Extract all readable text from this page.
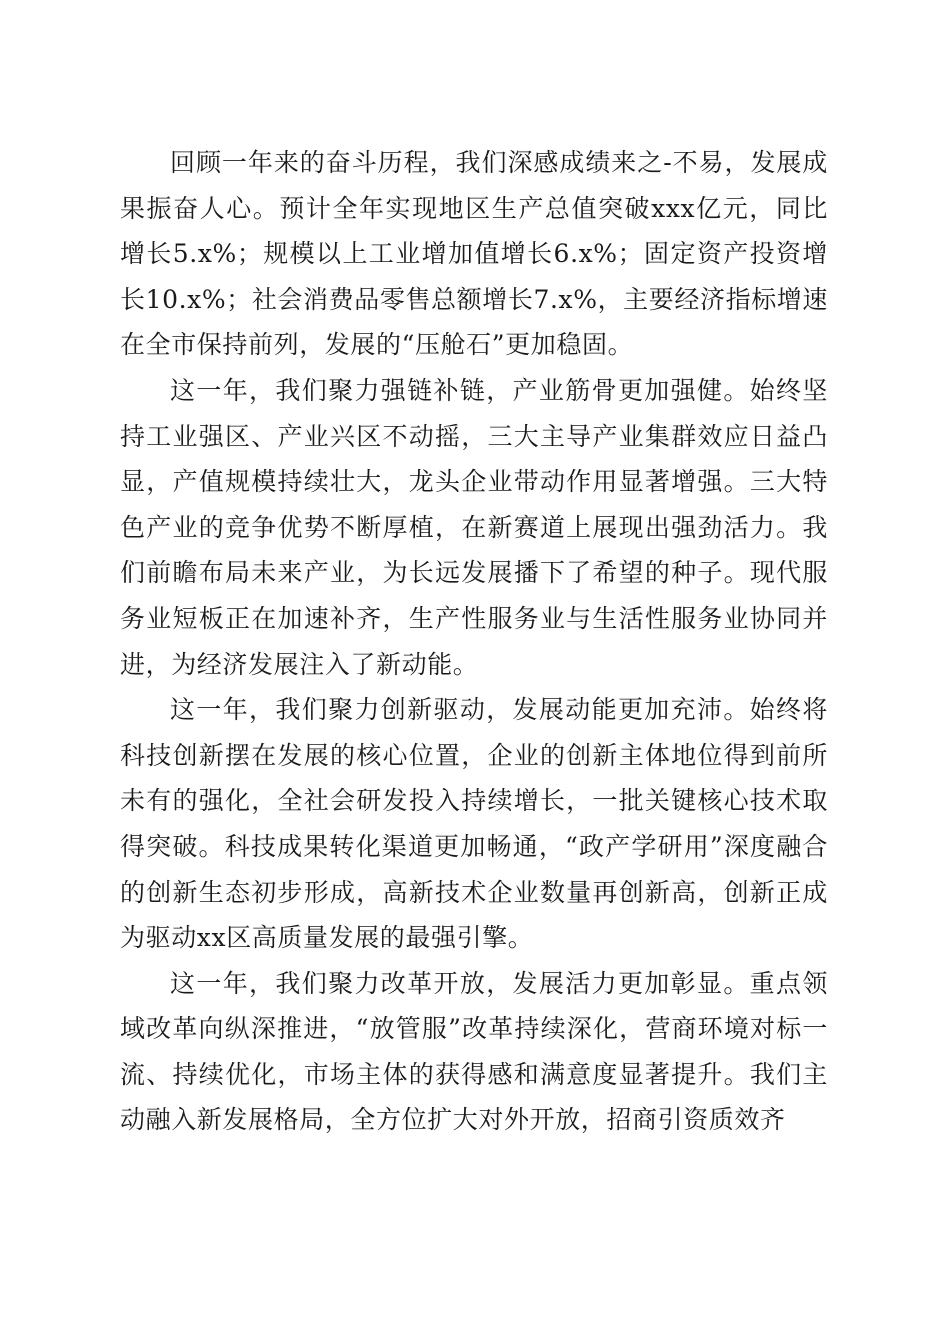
回顾一年来的奋斗历程，我们深感成绩来之-不易，发展成果振奋人心。预计全年实现地区生产总值突破xxx亿元，同比增长5.x%；规模以上工业增加值增长6.x%；固定资产投资增长10.x%；社会消费品零售总额增长7.x%，主要经济指标增速在全市保持前列，发展的“压舱石”更加稳固。

这一年，我们聚力强链补链，产业筋骨更加强健。始终坚持工业强区、产业兴区不动摇，三大主导产业集群效应日益凸显，产值规模持续壮大，龙头企业带动作用显著增强。三大特色产业的竞争优势不断厚植，在新赛道上展现出强劲活力。我们前瞻布局未来产业，为长远发展播下了希望的种子。现代服务业短板正在加速补齐，生产性服务业与生活性服务业协同并进，为经济发展注入了新动能。

这一年，我们聚力创新驱动，发展动能更加充沛。始终将科技创新摆在发展的核心位置，企业的创新主体地位得到前所未有的强化，全社会研发投入持续增长，一批关键核心技术取得突破。科技成果转化渠道更加畅通，“政产学研用”深度融合的创新生态初步形成，高新技术企业数量再创新高，创新正成为驱动xx区高质量发展的最强引擎。

这一年，我们聚力改革开放，发展活力更加彰显。重点领域改革向纵深推进，“放管服”改革持续深化，营商环境对标一流、持续优化，市场主体的获得感和满意度显著提升。我们主动融入新发展格局，全方位扩大对外开放，招商引资质效齐
